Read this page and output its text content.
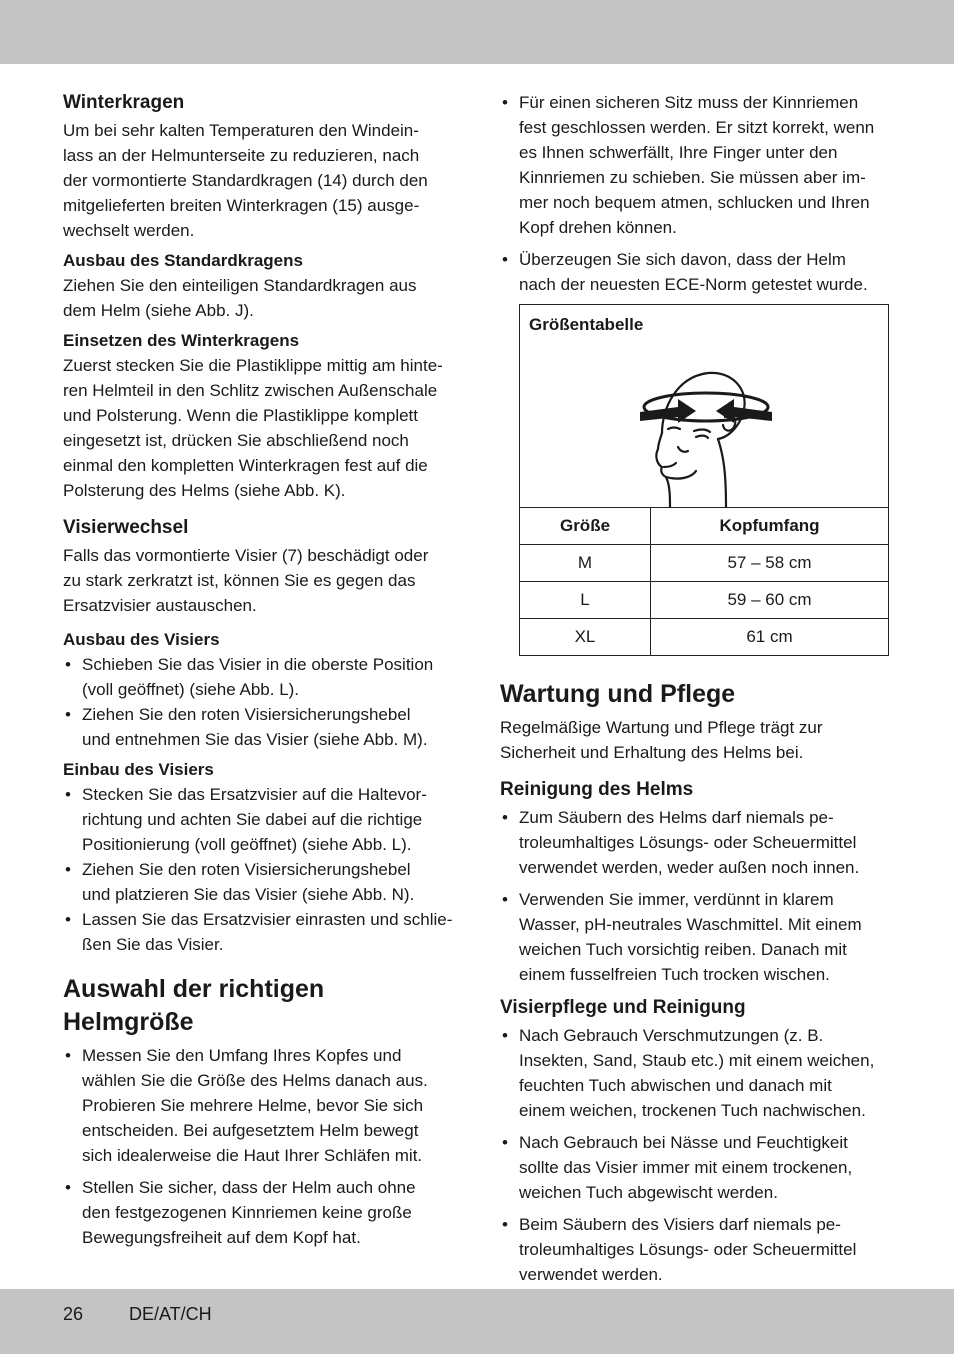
Winterkragen
Um bei sehr kalten Temperaturen den Windein-
lass an der Helmunterseite zu reduzieren, nach
der vormontierte Standardkragen (14) durch den
mitgelieferten breiten Winterkragen (15) ausge-
wechselt werden.
Ausbau des Standardkragens
Ziehen Sie den einteiligen Standardkragen aus
dem Helm (siehe Abb. J).
Einsetzen des Winterkragens
Zuerst stecken Sie die Plastiklippe mittig am hinte-
ren Helmteil in den Schlitz zwischen Außenschale
und Polsterung. Wenn die Plastiklippe komplett
eingesetzt ist, drücken Sie abschließend noch
einmal den kompletten Winterkragen fest auf die
Polsterung des Helms (siehe Abb. K).
Visierwechsel
Falls das vormontierte Visier (7) beschädigt oder
zu stark zerkratzt ist, können Sie es gegen das
Ersatzvisier austauschen.
Ausbau des Visiers
• Schieben Sie das Visier in die oberste Position
(voll geöffnet) (siehe Abb. L).
• Ziehen Sie den roten Visiersicherungshebel
und entnehmen Sie das Visier (siehe Abb. M).
Einbau des Visiers
• Stecken Sie das Ersatzvisier auf die Haltevor-
richtung und achten Sie dabei auf die richtige
Positionierung (voll geöffnet) (siehe Abb. L).
• Ziehen Sie den roten Visiersicherungshebel
und platzieren Sie das Visier (siehe Abb. N).
• Lassen Sie das Ersatzvisier einrasten und schlie-
ßen Sie das Visier.
Auswahl der richtigen
Helmgröße
• Messen Sie den Umfang Ihres Kopfes und
wählen Sie die Größe des Helms danach aus.
Probieren Sie mehrere Helme, bevor Sie sich
entscheiden. Bei aufgesetztem Helm bewegt
sich idealerweise die Haut Ihrer Schläfen mit.
• Stellen Sie sicher, dass der Helm auch ohne
den festgezogenen Kinnriemen keine große
Bewegungsfreiheit auf dem Kopf hat.
• Für einen sicheren Sitz muss der Kinnriemen
fest geschlossen werden. Er sitzt korrekt, wenn
es Ihnen schwerfällt, Ihre Finger unter den
Kinnriemen zu schieben. Sie müssen aber im-
mer noch bequem atmen, schlucken und Ihren
Kopf drehen können.
• Überzeugen Sie sich davon, dass der Helm
nach der neuesten ECE-Norm getestet wurde.
Größentabelle
Größe	Kopfumfang
M	57 – 58 cm
L	59 – 60 cm
XL	61 cm
Wartung und Pflege
Regelmäßige Wartung und Pflege trägt zur
Sicherheit und Erhaltung des Helms bei.
Reinigung des Helms
• Zum Säubern des Helms darf niemals pe-
troleumhaltiges Lösungs- oder Scheuermittel
verwendet werden, weder außen noch innen.
• Verwenden Sie immer, verdünnt in klarem
Wasser, pH-neutrales Waschmittel. Mit einem
weichen Tuch vorsichtig reiben. Danach mit
einem fusselfreien Tuch trocken wischen.
Visierpflege und Reinigung
• Nach Gebrauch Verschmutzungen (z. B.
Insekten, Sand, Staub etc.) mit einem weichen,
feuchten Tuch abwischen und danach mit
einem weichen, trockenen Tuch nachwischen.
• Nach Gebrauch bei Nässe und Feuchtigkeit
sollte das Visier immer mit einem trockenen,
weichen Tuch abgewischt werden.
• Beim Säubern des Visiers darf niemals pe-
troleumhaltiges Lösungs- oder Scheuermittel
verwendet werden.
26	DE/AT/CH
